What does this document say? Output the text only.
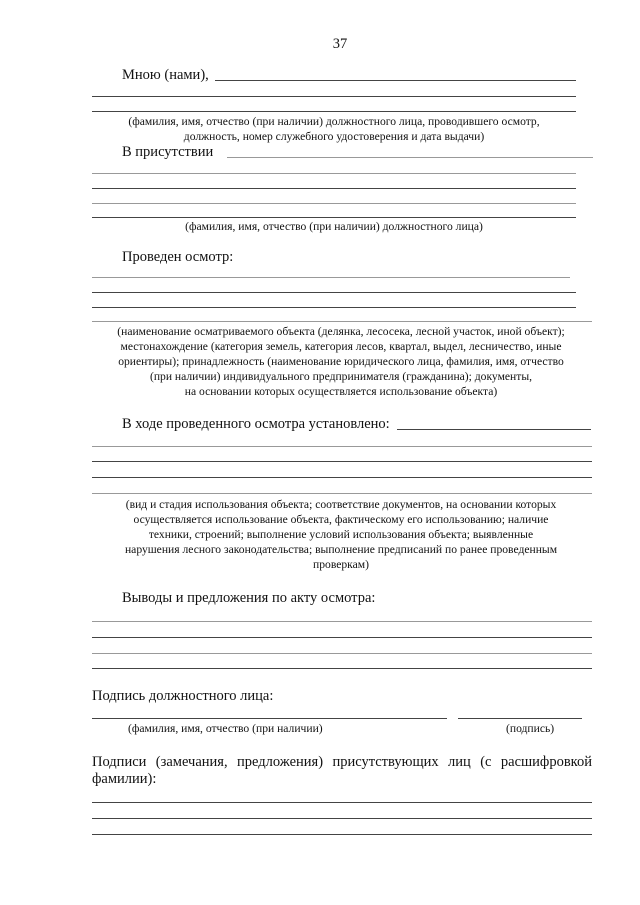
37
Мною (нами),
(фамилия, имя, отчество (при наличии) должностного лица, проводившего осмотр,
должность, номер служебного удостоверения и дата выдачи)
В присутствии
(фамилия, имя, отчество (при наличии) должностного лица)
Проведен осмотр:
(наименование осматриваемого объекта (делянка, лесосека, лесной участок, иной объект);
местонахождение (категория земель, категория лесов, квартал, выдел, лесничество, иные
ориентиры); принадлежность (наименование юридического лица, фамилия, имя, отчество
(при наличии) индивидуального предпринимателя (гражданина); документы,
на основании которых осуществляется использование объекта)
В ходе проведенного осмотра установлено:
(вид и стадия использования объекта; соответствие документов, на основании которых
осуществляется использование объекта, фактическому его использованию; наличие
техники, строений; выполнение условий использования объекта; выявленные
нарушения лесного законодательства; выполнение предписаний по ранее проведенным
проверкам)
Выводы и предложения по акту осмотра:
Подпись должностного лица:
(фамилия, имя, отчество (при наличии)	(подпись)
Подписи (замечания, предложения) присутствующих лиц (с расшифровкой
фамилии):
